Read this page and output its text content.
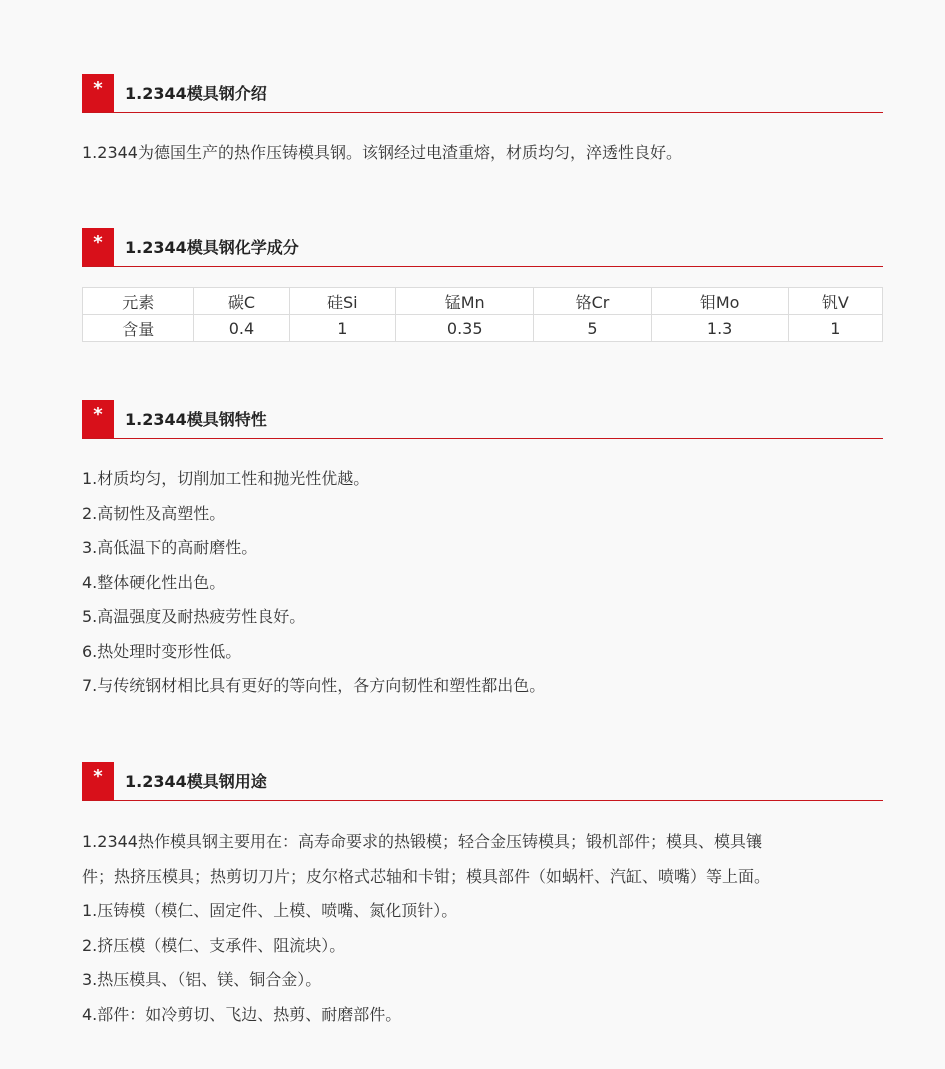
*	1.2344模具钢介绍

1.2344为德国生产的热作压铸模具钢。该钢经过电渣重熔，材质均匀，淬透性良好。

*	1.2344模具钢化学成分
元素	碳C	硅Si	锰Mn	铬Cr	钼Mo	钒V
含量	0.4	1	0.35	5	1.3	1
*	1.2344模具钢特性

1.材质均匀，切削加工性和抛光性优越。

2.高韧性及高塑性。

3.高低温下的高耐磨性。

4.整体硬化性出色。

5.高温强度及耐热疲劳性良好。

6.热处理时变形性低。

7.与传统钢材相比具有更好的等向性，各方向韧性和塑性都出色。

*	1.2344模具钢用途

1.2344热作模具钢主要用在：高寿命要求的热锻模；轻合金压铸模具；锻机部件；模具、模具镶

件；热挤压模具；热剪切刀片；皮尔格式芯轴和卡钳；模具部件（如蜗杆、汽缸、喷嘴）等上面。

1.压铸模（模仁、固定件、上模、喷嘴、氮化顶针）。

2.挤压模（模仁、支承件、阻流块）。

3.热压模具、（铝、镁、铜合金）。

4.部件：如冷剪切、飞边、热剪、耐磨部件。
